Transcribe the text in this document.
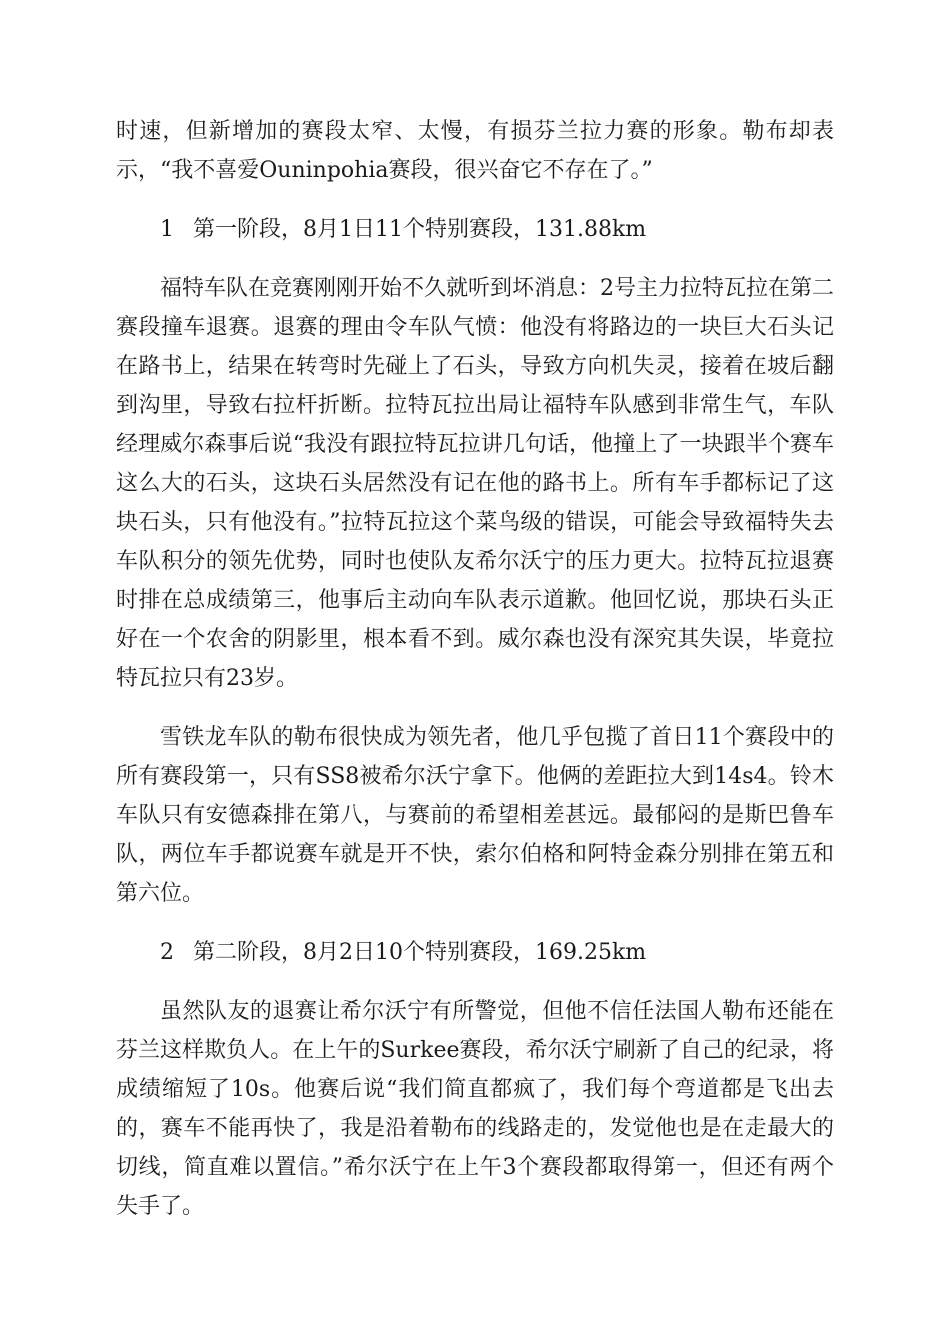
时速，但新增加的赛段太窄、太慢，有损芬兰拉力赛的形象。勒布却表示，“我不喜爱Ouninpohia赛段，很兴奋它不存在了。”

1 第一阶段，8月1日11个特别赛段，131.88km

福特车队在竞赛刚刚开始不久就听到坏消息：2号主力拉特瓦拉在第二赛段撞车退赛。退赛的理由令车队气愤：他没有将路边的一块巨大石头记在路书上，结果在转弯时先碰上了石头，导致方向机失灵，接着在坡后翻到沟里，导致右拉杆折断。拉特瓦拉出局让福特车队感到非常生气，车队经理威尔森事后说“我没有跟拉特瓦拉讲几句话，他撞上了一块跟半个赛车这么大的石头，这块石头居然没有记在他的路书上。所有车手都标记了这块石头，只有他没有。”拉特瓦拉这个菜鸟级的错误，可能会导致福特失去车队积分的领先优势，同时也使队友希尔沃宁的压力更大。拉特瓦拉退赛时排在总成绩第三，他事后主动向车队表示道歉。他回忆说，那块石头正好在一个农舍的阴影里，根本看不到。威尔森也没有深究其失误，毕竟拉特瓦拉只有23岁。

雪铁龙车队的勒布很快成为领先者，他几乎包揽了首日11个赛段中的所有赛段第一，只有SS8被希尔沃宁拿下。他俩的差距拉大到14s4。铃木车队只有安德森排在第八，与赛前的希望相差甚远。最郁闷的是斯巴鲁车队，两位车手都说赛车就是开不快，索尔伯格和阿特金森分别排在第五和第六位。

2 第二阶段，8月2日10个特别赛段，169.25km

虽然队友的退赛让希尔沃宁有所警觉，但他不信任法国人勒布还能在芬兰这样欺负人。在上午的Surkee赛段，希尔沃宁刷新了自己的纪录，将成绩缩短了10s。他赛后说“我们简直都疯了，我们每个弯道都是飞出去的，赛车不能再快了，我是沿着勒布的线路走的，发觉他也是在走最大的切线，简直难以置信。”希尔沃宁在上午3个赛段都取得第一，但还有两个失手了。
